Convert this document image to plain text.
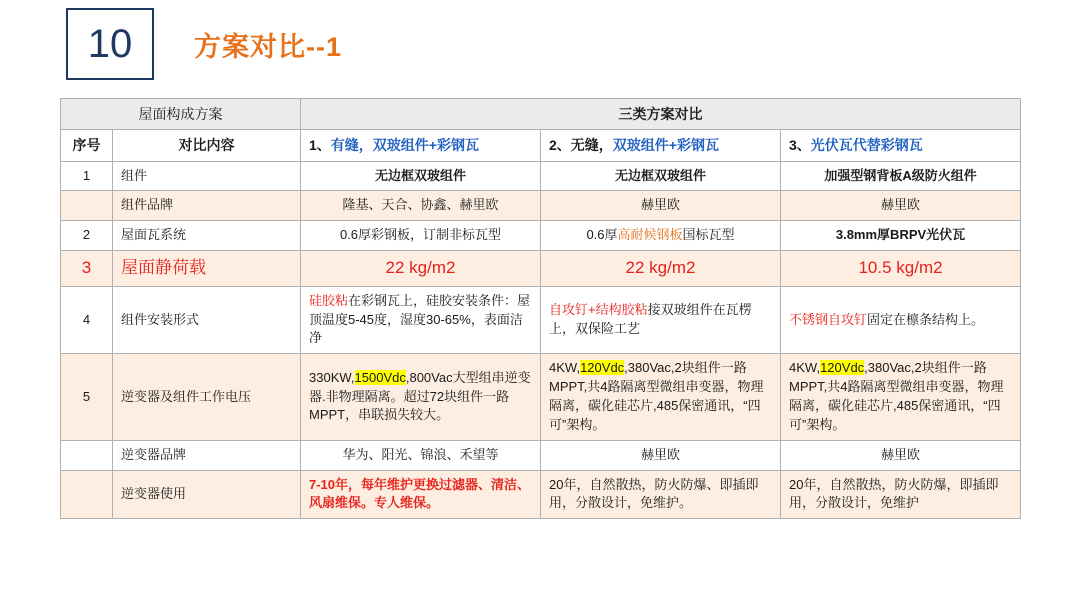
10 方案对比--1
屋面构成方案		三类方案对比		
序号	对比内容	1、有缝，双玻组件+彩钢瓦	2、无缝，双玻组件+彩钢瓦	3、光伏瓦代替彩钢瓦
1	组件	无边框双玻组件	无边框双玻组件	加强型钢背板A级防火组件
	组件品牌	隆基、天合、协鑫、赫里欧	赫里欧	赫里欧
2	屋面瓦系统	0.6厚彩钢板，订制非标瓦型	0.6厚高耐候钢板国标瓦型	3.8mm厚BRPV光伏瓦
3	屋面静荷载	22 kg/m2	22 kg/m2	10.5 kg/m2
4	组件安装形式	硅胶粘在彩钢瓦上，硅胶安装条件：屋顶温度5-45度，湿度30-65%，表面洁净	自攻钉+结构胶粘接双玻组件在瓦楞上，双保险工艺	不锈钢自攻钉固定在檩条结构上。
5	逆变器及组件工作电压	330KW,1500Vdc,800Vac大型组串逆变器.非物理隔离。超过72块组件一路MPPT，串联损失较大。	4KW,120Vdc,380Vac,2块组件一路MPPT,共4路隔离型微组串变器，物理隔离，碳化硅芯片,485保密通讯，“四可”架构。	4KW,120Vdc,380Vac,2块组件一路MPPT,共4路隔离型微组串变器，物理隔离，碳化硅芯片,485保密通讯，“四可”架构。
	逆变器品牌	华为、阳光、锦浪、禾望等	赫里欧	赫里欧
	逆变器使用	7-10年，每年维护更换过滤器、清洁、风扇维保。专人维保。	20年，自然散热，防火防爆、即插即用，分散设计，免维护。	20年，自然散热，防火防爆，即插即用，分散设计，免维护
